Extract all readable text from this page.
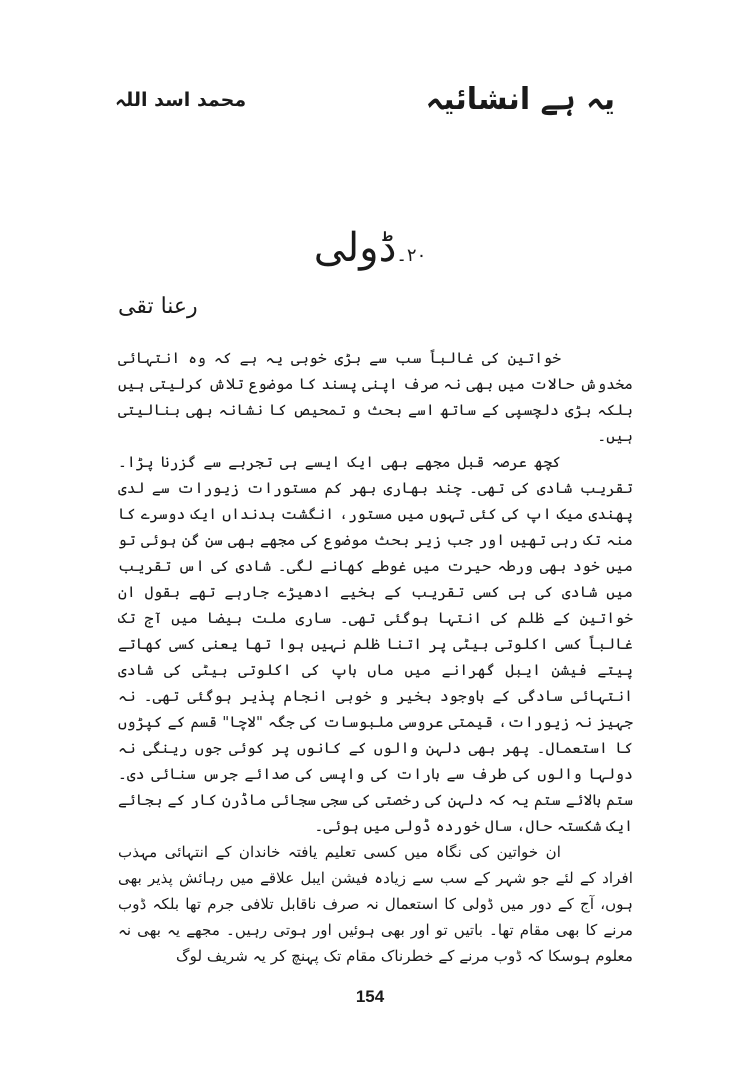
یہ ہے انشائیہ
محمد اسد اللہ
۲۰۔ڈولی
رعنا تقی

خواتین کی غالباً سب سے بڑی خوبی یہ ہے کہ وہ انتہائی مخدوش حالات میں بھی نہ صرف اپنی پسند کا موضوع تلاش کرلیتی ہیں بلکہ بڑی دلچسپی کے ساتھ اسے بحث و تمحیص کا نشانہ بھی بنالیتی ہیں۔

کچھ عرصہ قبل مجھے بھی ایک ایسے ہی تجربے سے گزرنا پڑا۔ تقریب شادی کی تھی۔ چند بھاری بھر کم مستورات زیورات سے لدی پھندی میک اپ کی کئی تہوں میں مستور، انگشت بدنداں ایک دوسرے کا منہ تک رہی تھیں اور جب زیر بحث موضوع کی مجھے بھی سن گن ہوئی تو میں خود بھی ورطہ حیرت میں غوطے کھانے لگی۔ شادی کی اس تقریب میں شادی کی ہی کسی تقریب کے بخیے ادھیڑے جارہے تھے بقول ان خواتین کے ظلم کی انتہا ہوگئی تھی۔ ساری ملت بیضا میں آج تک غالباً کسی اکلوتی بیٹی پر اتنا ظلم نہیں ہوا تھا یعنی کسی کھاتے پیتے فیشن ایبل گھرانے میں ماں باپ کی اکلوتی بیٹی کی شادی انتہائی سادگی کے باوجود بخیر و خوبی انجام پذیر ہوگئی تھی۔ نہ جہیز نہ زیورات، قیمتی عروسی ملبوسات کی جگہ "لاچا" قسم کے کپڑوں کا استعمال۔ پھر بھی دلہن والوں کے کانوں پر کوئی جوں رینگی نہ دولہا والوں کی طرف سے بارات کی واپسی کی صدائے جرس سنائی دی۔ ستم بالائے ستم یہ کہ دلہن کی رخصتی کی سجی سجائی ماڈرن کار کے بجائے ایک شکستہ حال، سال خوردہ ڈولی میں ہوئی۔

ان خواتین کی نگاہ میں کسی تعلیم یافتہ خاندان کے انتہائی مہذب افراد کے لئے جو شہر کے سب سے زیادہ فیشن ایبل علاقے میں رہائش پذیر بھی ہوں، آج کے دور میں ڈولی کا استعمال نہ صرف ناقابل تلافی جرم تھا بلکہ ڈوب مرنے کا بھی مقام تھا۔ باتیں تو اور بھی ہوئیں اور ہوتی رہیں۔ مجھے یہ بھی نہ معلوم ہوسکا کہ ڈوب مرنے کے خطرناک مقام تک پہنچ کر یہ شریف لوگ

154
